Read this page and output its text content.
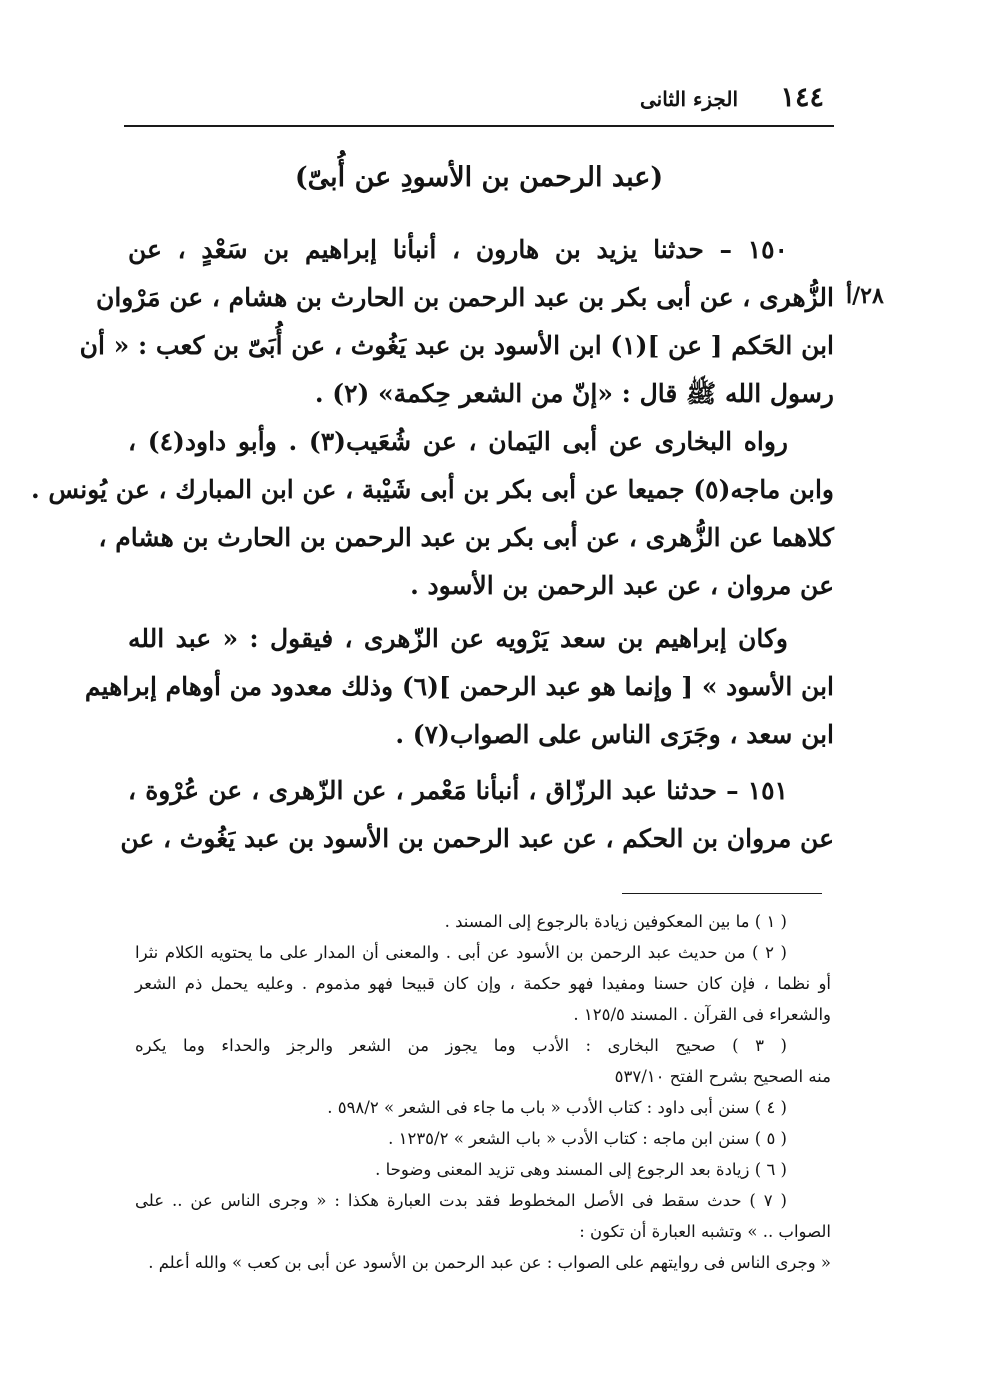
١٤٤
الجزء الثانى
(عبد الرحمن بن الأسودِ عن أُبىّ)
٢٨/أ
١٥٠ – حدثنا يزيد بن هارون ، أنبأنا إبراهيم بن سَعْدٍ ، عن
الزُّهرى ، عن أبى بكر بن عبد الرحمن بن الحارث بن هشام ، عن مَرْوان
ابن الحَكم [ عن ](١) ابن الأسود بن عبد يَغُوث ، عن أُبَىّ بن كعب : « أن
رسول الله ﷺ قال : «إنّ من الشعر حِكمة» (٢) .
رواه البخارى عن أبى اليَمان ، عن شُعَيب(٣) . وأبو داود(٤) ،
وابن ماجه(٥) جميعا عن أبى بكر بن أبى شَيْبة ، عن ابن المبارك ، عن يُونس .
كلاهما عن الزُّهرى ، عن أبى بكر بن عبد الرحمن بن الحارث بن هشام ،
عن مروان ، عن عبد الرحمن بن الأسود .
وكان إبراهيم بن سعد يَرْويه عن الزّهرى ، فيقول : « عبد الله
ابن الأسود » [ وإنما هو عبد الرحمن ](٦) وذلك معدود من أوهام إبراهيم
ابن سعد ، وجَرَى الناس على الصواب(٧) .
١٥١ – حدثنا عبد الرزّاق ، أنبأنا مَعْمر ، عن الزّهرى ، عن عُرْوة ،
عن مروان بن الحكم ، عن عبد الرحمن بن الأسود بن عبد يَغُوث ، عن
( ١ ) ما بين المعكوفين زيادة بالرجوع إلى المسند .
( ٢ ) من حديث عبد الرحمن بن الأسود عن أبى . والمعنى أن المدار على ما يحتويه الكلام نثرا
أو نظما ، فإن كان حسنا ومفيدا فهو حكمة ، وإن كان قبيحا فهو مذموم . وعليه يحمل ذم الشعر
والشعراء فى القرآن . المسند ١٢٥/٥ .
( ٣ ) صحيح البخارى : الأدب وما يجوز من الشعر والرجز والحداء وما يكره
منه الصحيح بشرح الفتح ٥٣٧/١٠
( ٤ ) سنن أبى داود : كتاب الأدب « باب ما جاء فى الشعر » ٥٩٨/٢ .
( ٥ ) سنن ابن ماجه : كتاب الأدب « باب الشعر » ١٢٣٥/٢ .
( ٦ ) زيادة بعد الرجوع إلى المسند وهى تزيد المعنى وضوحا .
( ٧ ) حدث سقط فى الأصل المخطوط فقد بدت العبارة هكذا : « وجرى الناس عن .. على
الصواب .. » وتشبه العبارة أن تكون :
« وجرى الناس فى روايتهم على الصواب : عن عبد الرحمن بن الأسود عن أبى بن كعب » والله أعلم .
